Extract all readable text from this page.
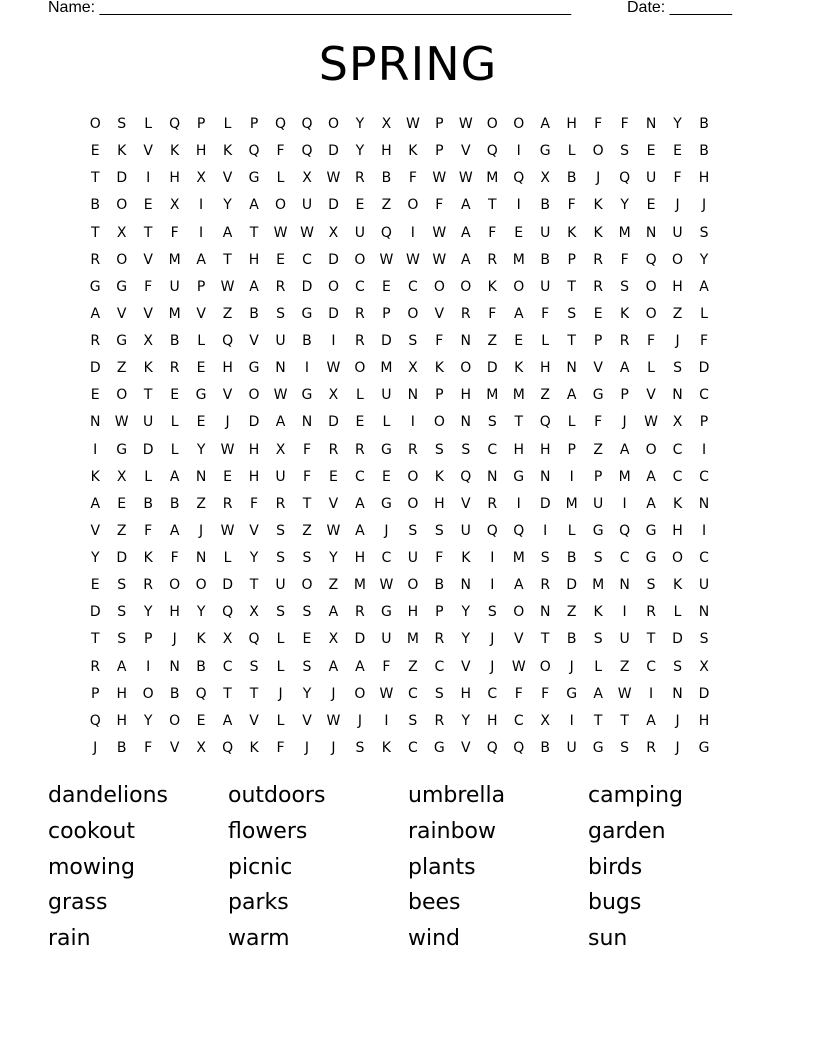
Name: _____________________________________________________	Date: _______
SPRING
O S L Q P L P Q Q O Y X W P W O O A H F F N Y B
E K V K H K Q F Q D Y H K P V Q I G L O S E E B
T D I H X V G L X W R B F W W M Q X B J Q U F H
B O E X I Y A O U D E Z O F A T I B F K Y E J J
T X T F I A T W W X U Q I W A F E U K K M N U S
R O V M A T H E C D O W W W A R M B P R F Q O Y
G G F U P W A R D O C E C O O K O U T R S O H A
A V V M V Z B S G D R P O V R F A F S E K O Z L
R G X B L Q V U B I R D S F N Z E L T P R F J F
D Z K R E H G N I W O M X K O D K H N V A L S D
E O T E G V O W G X L U N P H M M Z A G P V N C
N W U L E J D A N D E L I O N S T Q L F J W X P
I G D L Y W H X F R R G R S S C H H P Z A O C I
K X L A N E H U F E C E O K Q N G N I P M A C C
A E B B Z R F R T V A G O H V R I D M U I A K N
V Z F A J W V S Z W A J S S U Q Q I L G Q G H I
Y D K F N L Y S S Y H C U F K I M S B S C G O C
E S R O O D T U O Z M W O B N I A R D M N S K U
D S Y H Y Q X S S A R G H P Y S O N Z K I R L N
T S P J K X Q L E X D U M R Y J V T B S U T D S
R A I N B C S L S A A F Z C V J W O J L Z C S X
P H O B Q T T J Y J O W C S H C F F G A W I N D
Q H Y O E A V L V W J I S R Y H C X I T T A J H
J B F V X Q K F J J S K C G V Q Q B U G S R J G
dandelions	outdoors	umbrella	camping
cookout	flowers	rainbow	garden
mowing	picnic	plants	birds
grass	parks	bees	bugs
rain	warm	wind	sun
